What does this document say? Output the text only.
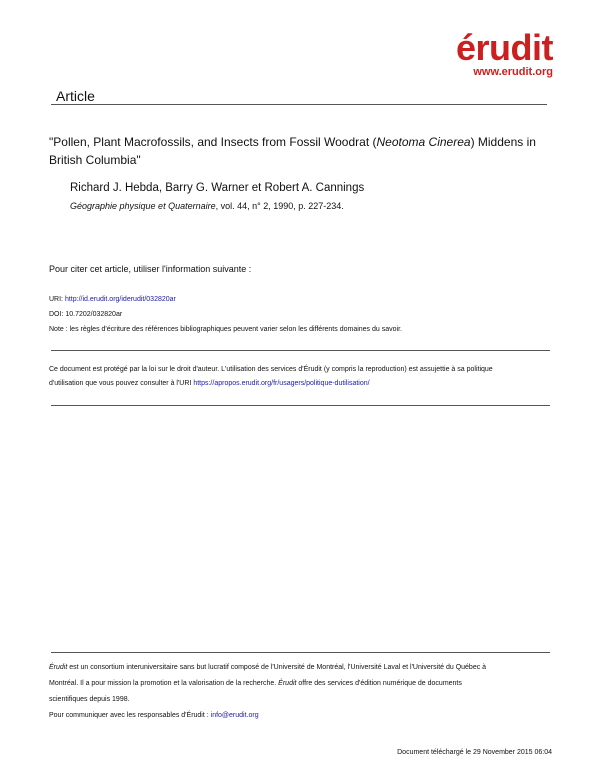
érudit
www.erudit.org
Article
"Pollen, Plant Macrofossils, and Insects from Fossil Woodrat (Neotoma Cinerea) Middens in British Columbia"
Richard J. Hebda, Barry G. Warner et Robert A. Cannings
Géographie physique et Quaternaire, vol. 44, n° 2, 1990, p. 227-234.
Pour citer cet article, utiliser l'information suivante :
URI: http://id.erudit.org/iderudit/032820ar
DOI: 10.7202/032820ar
Note : les règles d'écriture des références bibliographiques peuvent varier selon les différents domaines du savoir.
Ce document est protégé par la loi sur le droit d'auteur. L'utilisation des services d'Érudit (y compris la reproduction) est assujettie à sa politique
d'utilisation que vous pouvez consulter à l'URI https://apropos.erudit.org/fr/usagers/politique-dutilisation/
Érudit est un consortium interuniversitaire sans but lucratif composé de l'Université de Montréal, l'Université Laval et l'Université du Québec à
Montréal. Il a pour mission la promotion et la valorisation de la recherche. Érudit offre des services d'édition numérique de documents
scientifiques depuis 1998.
Pour communiquer avec les responsables d'Érudit : info@erudit.org
Document téléchargé le 29 November 2015 06:04
